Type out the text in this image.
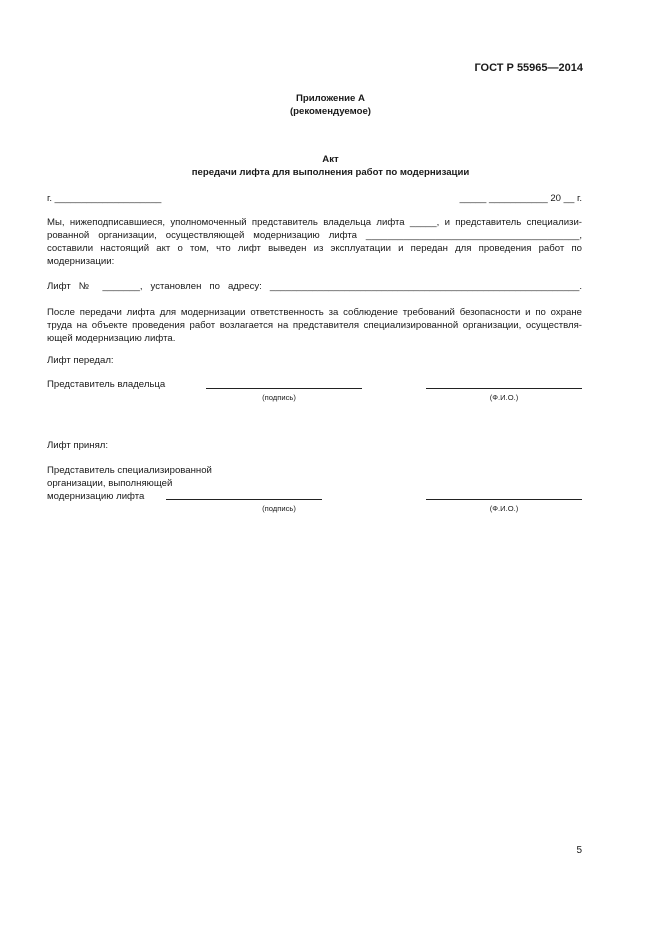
ГОСТ Р 55965—2014
Приложение А
(рекомендуемое)
Акт
передачи лифта для выполнения работ по модернизации
г. ____________________	_____ ___________ 20 __ г.
Мы, нижеподписавшиеся, уполномоченный представитель владельца лифта _____, и представитель специализи-
рованной организации, осуществляющей модернизацию лифта ________________________________________,
составили настоящий акт о том, что лифт выведен из эксплуатации и передан для проведения работ по
модернизации:
Лифт № _______, установлен по адресу: __________________________________________________________.
После передачи лифта для модернизации ответственность за соблюдение требований безопасности и по охране
труда на объекте проведения работ возлагается на представителя специализированной организации, осуществля-
ющей модернизацию лифта.
Лифт передал:
Представитель владельца
(подпись)	(Ф.И.О.)
Лифт принял:
Представитель специализированной
организации, выполняющей
модернизацию лифта
(подпись)	(Ф.И.О.)
5
